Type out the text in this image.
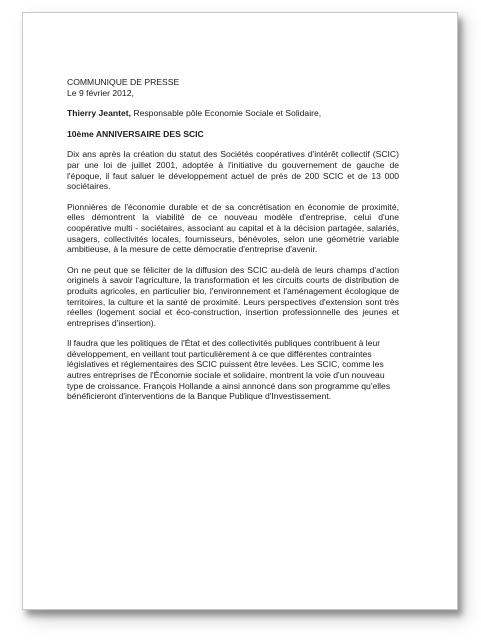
COMMUNIQUE DE PRESSE
Le 9 février 2012,
Thierry Jeantet, Responsable pôle Economie Sociale et Solidaire,
10ème ANNIVERSAIRE DES SCIC

Dix ans après la création du statut des Sociétés coopératives d'intérêt collectif (SCIC) par une loi de juillet 2001, adoptée à l'initiative du gouvernement de gauche de l'époque, il faut saluer le développement actuel de près de 200 SCIC et de 13 000 sociétaires.

Pionnières de l'économie durable et de sa concrétisation en économie de proximité, elles démontrent la viabilité de ce nouveau modèle d'entreprise, celui d'une coopérative multi - sociétaires, associant au capital et à la décision partagée, salariés, usagers, collectivités locales, fournisseurs, bénévoles, selon une géométrie variable ambitieuse, à la mesure de cette démocratie d'entreprise d'avenir.

On ne peut que se féliciter de la diffusion des SCIC au-delà de leurs champs d'action originels à savoir l'agriculture, la transformation et les circuits courts de distribution de produits agricoles, en particulier bio, l'environnement et l'aménagement écologique de territoires, la culture et la santé de proximité. Leurs perspectives d'extension sont très réelles (logement social et éco-construction, insertion professionnelle des jeunes et entreprises d'insertion).

Il faudra que les politiques de l'État et des collectivités publiques contribuent à leur développement, en veillant tout particulièrement à ce que différentes contraintes législatives et réglementaires des SCIC puissent être levées. Les SCIC, comme les autres entreprises de l'Économie sociale et solidaire, montrent la voie d'un nouveau type de croissance. François Hollande a ainsi annoncé dans son programme qu'elles bénéficieront d'interventions de la Banque Publique d'Investissement.
